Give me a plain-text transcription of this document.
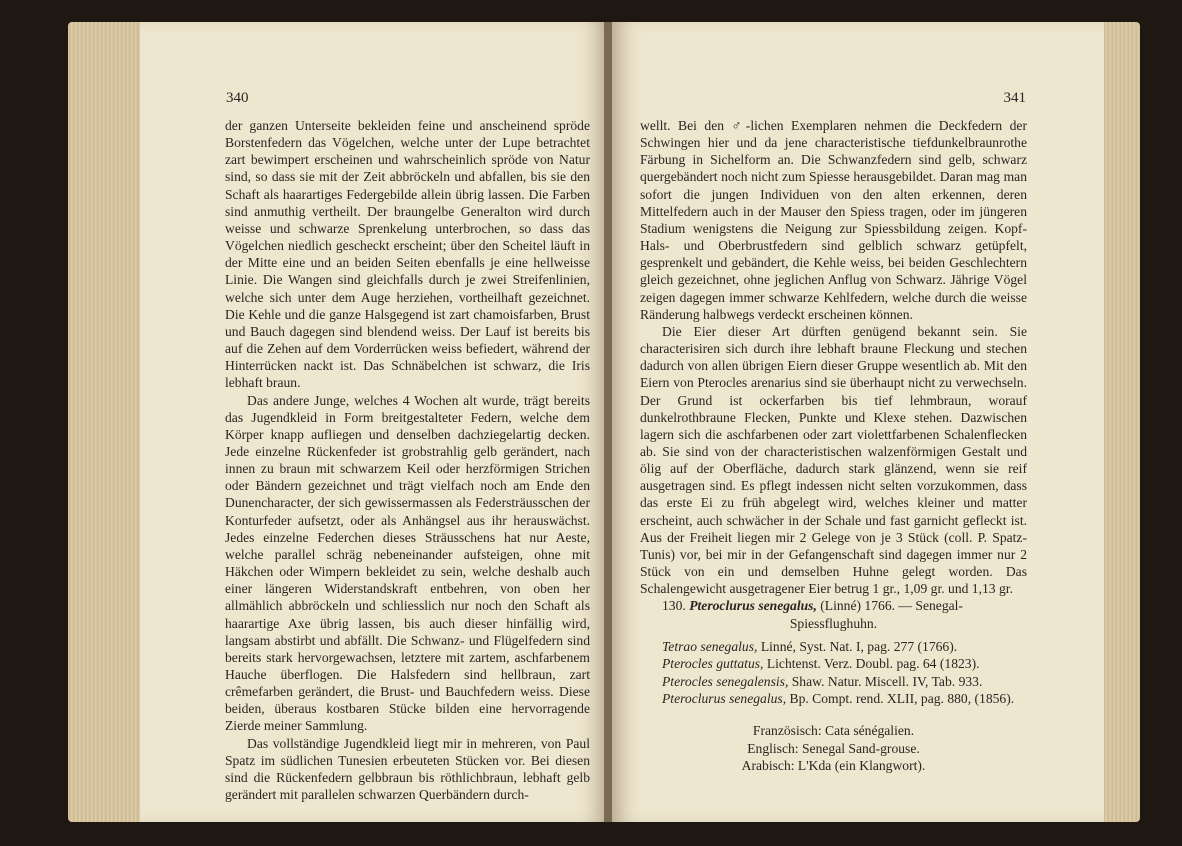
340

der ganzen Unterseite bekleiden feine und anscheinend spröde Borstenfedern das Vögelchen, welche unter der Lupe betrachtet zart bewimpert erscheinen und wahrscheinlich spröde von Natur sind, so dass sie mit der Zeit abbröckeln und abfallen, bis sie den Schaft als haarartiges Federgebilde allein übrig lassen. Die Farben sind anmuthig vertheilt. Der braungelbe Generalton wird durch weisse und schwarze Sprenkelung unterbrochen, so dass das Vögelchen niedlich gescheckt erscheint; über den Scheitel läuft in der Mitte eine und an beiden Seiten ebenfalls je eine hellweisse Linie. Die Wangen sind gleichfalls durch je zwei Streifenlinien, welche sich unter dem Auge herziehen, vortheilhaft gezeichnet. Die Kehle und die ganze Halsgegend ist zart chamoisfarben, Brust und Bauch dagegen sind blendend weiss. Der Lauf ist bereits bis auf die Zehen auf dem Vorderrücken weiss befiedert, während der Hinterrücken nackt ist. Das Schnäbelchen ist schwarz, die Iris lebhaft braun.

Das andere Junge, welches 4 Wochen alt wurde, trägt bereits das Jugendkleid in Form breitgestalteter Federn, welche dem Körper knapp aufliegen und denselben dachziegelartig decken. Jede einzelne Rückenfeder ist grobstrahlig gelb gerändert, nach innen zu braun mit schwarzem Keil oder herzförmigen Strichen oder Bändern gezeichnet und trägt vielfach noch am Ende den Dunencharacter, der sich gewissermassen als Federsträusschen der Konturfeder aufsetzt, oder als Anhängsel aus ihr herauswächst. Jedes einzelne Federchen dieses Sträusschens hat nur Aeste, welche parallel schräg nebeneinander aufsteigen, ohne mit Häkchen oder Wimpern bekleidet zu sein, welche deshalb auch einer längeren Widerstandskraft entbehren, von oben her allmählich abbröckeln und schliesslich nur noch den Schaft als haarartige Axe übrig lassen, bis auch dieser hinfällig wird, langsam abstirbt und abfällt. Die Schwanz- und Flügelfedern sind bereits stark hervorgewachsen, letztere mit zartem, aschfarbenem Hauche überflogen. Die Halsfedern sind hellbraun, zart crêmefarben gerändert, die Brust- und Bauchfedern weiss. Diese beiden, überaus kostbaren Stücke bilden eine hervorragende Zierde meiner Sammlung.

Das vollständige Jugendkleid liegt mir in mehreren, von Paul Spatz im südlichen Tunesien erbeuteten Stücken vor. Bei diesen sind die Rückenfedern gelbbraun bis röthlichbraun, lebhaft gelb gerändert mit parallelen schwarzen Querbändern durch-

341

wellt. Bei den ♂-lichen Exemplaren nehmen die Deckfedern der Schwingen hier und da jene characteristische tiefdunkelbraunrothe Färbung in Sichelform an. Die Schwanzfedern sind gelb, schwarz quergebändert noch nicht zum Spiesse herausgebildet. Daran mag man sofort die jungen Individuen von den alten erkennen, deren Mittelfedern auch in der Mauser den Spiess tragen, oder im jüngeren Stadium wenigstens die Neigung zur Spiessbildung zeigen. Kopf- Hals- und Oberbrustfedern sind gelblich schwarz getüpfelt, gesprenkelt und gebändert, die Kehle weiss, bei beiden Geschlechtern gleich gezeichnet, ohne jeglichen Anflug von Schwarz. Jährige Vögel zeigen dagegen immer schwarze Kehlfedern, welche durch die weisse Ränderung halbwegs verdeckt erscheinen können.

Die Eier dieser Art dürften genügend bekannt sein. Sie characterisiren sich durch ihre lebhaft braune Fleckung und stechen dadurch von allen übrigen Eiern dieser Gruppe wesentlich ab. Mit den Eiern von Pterocles arenarius sind sie überhaupt nicht zu verwechseln. Der Grund ist ockerfarben bis tief lehmbraun, worauf dunkelrothbraune Flecken, Punkte und Klexe stehen. Dazwischen lagern sich die aschfarbenen oder zart violettfarbenen Schalenflecken ab. Sie sind von der characteristischen walzenförmigen Gestalt und ölig auf der Oberfläche, dadurch stark glänzend, wenn sie reif ausgetragen sind. Es pflegt indessen nicht selten vorzukommen, dass das erste Ei zu früh abgelegt wird, welches kleiner und matter erscheint, auch schwächer in der Schale und fast garnicht gefleckt ist. Aus der Freiheit liegen mir 2 Gelege von je 3 Stück (coll. P. Spatz-Tunis) vor, bei mir in der Gefangenschaft sind dagegen immer nur 2 Stück von ein und demselben Huhne gelegt worden. Das Schalengewicht ausgetragener Eier betrug 1 gr., 1,09 gr. und 1,13 gr.

130. Pteroclurus senegalus, (Linné) 1766. — Senegal-
Spiessflughuhn.

Tetrao senegalus, Linné, Syst. Nat. I, pag. 277 (1766).
Pterocles guttatus, Lichtenst. Verz. Doubl. pag. 64 (1823).
Pterocles senegalensis, Shaw. Natur. Miscell. IV, Tab. 933.
Pteroclurus senegalus, Bp. Compt. rend. XLII, pag. 880, (1856).
Französisch: Cata sénégalien.
Englisch: Senegal Sand-grouse.
Arabisch: L'Kda (ein Klangwort).
